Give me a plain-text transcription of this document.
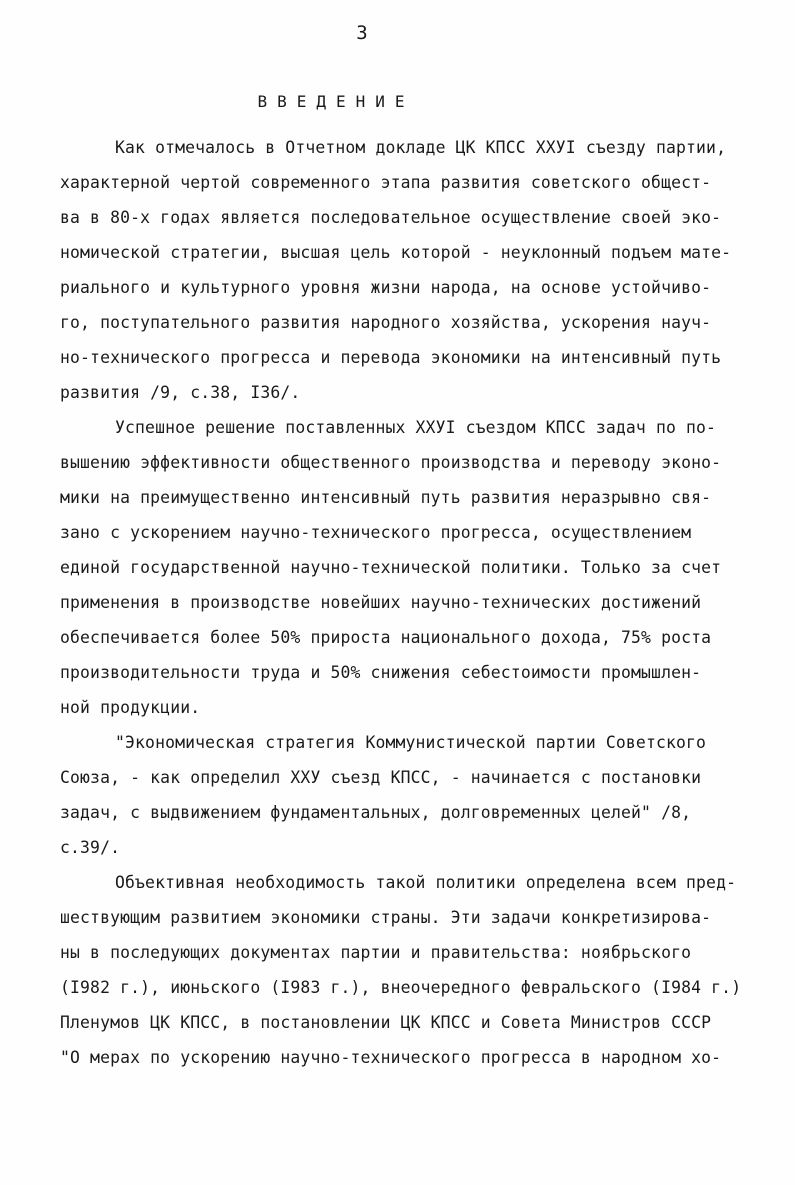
3
ВВЕДЕНИЕ
Как отмечалось в Отчетном докладе ЦК КПСС XXУI съезду партии,
характерной чертой современного этапа развития советского общест-
ва в 80-х годах является последовательное осуществление своей эко-
номической стратегии, высшая цель которой - неуклонный подъем мате-
риального и культурного уровня жизни народа, на основе устойчиво-
го, поступательного развития народного хозяйства, ускорения науч-
но-технического прогресса и перевода экономики на интенсивный путь
развития /9, с.38, I36/.
Успешное решение поставленных XXУI съездом КПСС задач по по-
вышению эффективности общественного производства и переводу эконо-
мики на преимущественно интенсивный путь развития неразрывно свя-
зано с ускорением научно-технического прогресса, осуществлением
единой государственной научно-технической политики. Только за счет
применения в производстве новейших научно-технических достижений
обеспечивается более 50% прироста национального дохода, 75% роста
производительности труда и 50% снижения себестоимости промышлен-
ной продукции.
"Экономическая стратегия Коммунистической партии Советского
Союза, - как определил XXУ съезд КПСС, - начинается с постановки
задач, с выдвижением фундаментальных, долговременных целей" /8,
с.39/.
Объективная необходимость такой политики определена всем пред-
шествующим развитием экономики страны. Эти задачи конкретизирова-
ны в последующих документах партии и правительства: ноябрьского
(I982 г.), июньского (I983 г.), внеочередного февральского (I984 г.)
Пленумов ЦК КПСС, в постановлении ЦК КПСС и Совета Министров СССР
"О мерах по ускорению научно-технического прогресса в народном хо-
